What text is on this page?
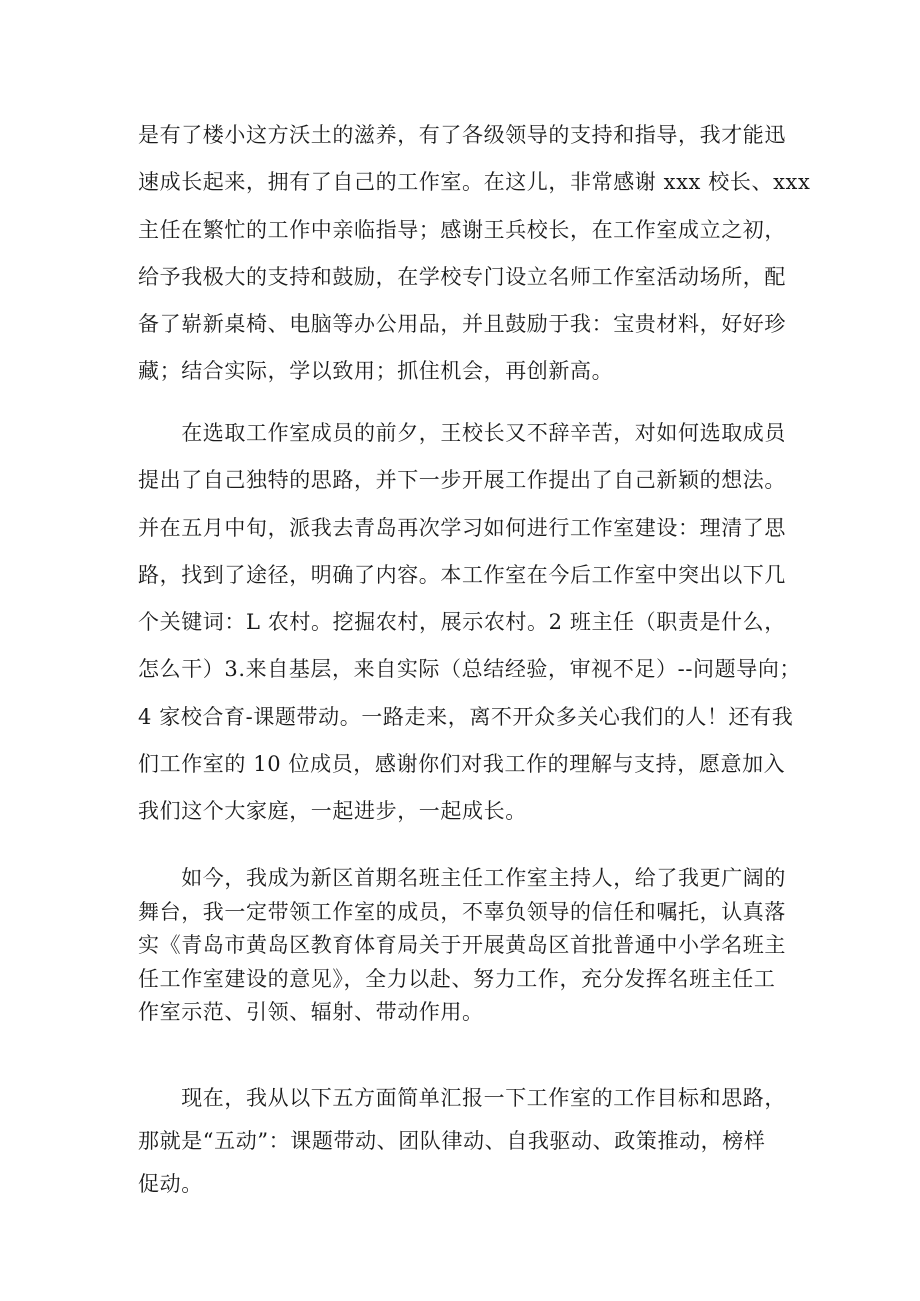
是有了楼小这方沃土的滋养，有了各级领导的支持和指导，我才能迅
速成长起来，拥有了自己的工作室。在这儿，非常感谢 xxx 校长、xxx
主任在繁忙的工作中亲临指导；感谢王兵校长，在工作室成立之初，
给予我极大的支持和鼓励，在学校专门设立名师工作室活动场所，配
备了崭新桌椅、电脑等办公用品，并且鼓励于我：宝贵材料，好好珍
藏；结合实际，学以致用；抓住机会，再创新高。
　　在选取工作室成员的前夕，王校长又不辞辛苦，对如何选取成员
提出了自己独特的思路，并下一步开展工作提出了自己新颖的想法。
并在五月中旬，派我去青岛再次学习如何进行工作室建设：理清了思
路，找到了途径，明确了内容。本工作室在今后工作室中突出以下几
个关键词：L 农村。挖掘农村，展示农村。2 班主任（职责是什么，
怎么干）3.来自基层，来自实际（总结经验，审视不足）--问题导向；
4 家校合育-课题带动。一路走来，离不开众多关心我们的人！还有我
们工作室的 10 位成员，感谢你们对我工作的理解与支持，愿意加入
我们这个大家庭，一起进步，一起成长。
　　如今，我成为新区首期名班主任工作室主持人，给了我更广阔的
舞台，我一定带领工作室的成员，不辜负领导的信任和嘱托，认真落
实《青岛市黄岛区教育体育局关于开展黄岛区首批普通中小学名班主
任工作室建设的意见》，全力以赴、努力工作，充分发挥名班主任工
作室示范、引领、辐射、带动作用。
　　现在，我从以下五方面简单汇报一下工作室的工作目标和思路，
那就是“五动”：课题带动、团队律动、自我驱动、政策推动，榜样
促动。
